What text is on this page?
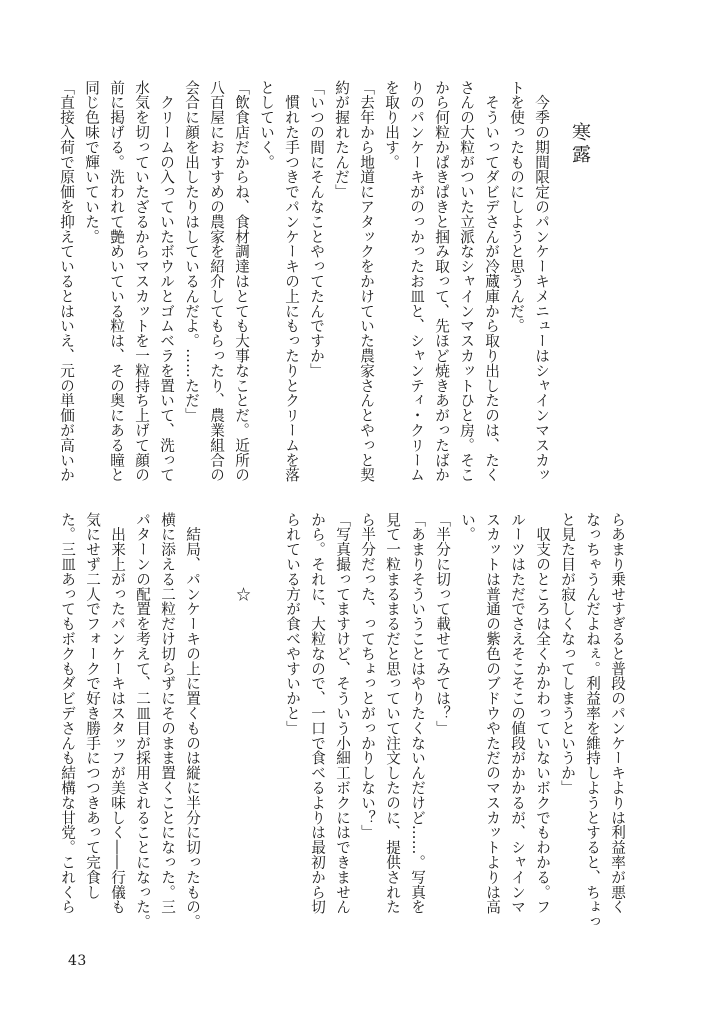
寒露
　今季の期間限定のパンケーキメニューはシャインマスカッ
トを使ったものにしようと思うんだ。
　そういってダビデさんが冷蔵庫から取り出したのは、たく
さんの大粒がついた立派なシャインマスカットひと房。そこ
から何粒かぱきぱきと掴み取って、先ほど焼きあがったばか
りのパンケーキがのっかったお皿と、シャンティ・クリーム
を取り出す。
「去年から地道にアタックをかけていた農家さんとやっと契
約が握れたんだ」
「いつの間にそんなことやってたんですか」
　慣れた手つきでパンケーキの上にもったりとクリームを落
としていく。
「飲食店だからね、食材調達はとても大事なことだ。近所の
八百屋におすすめの農家を紹介してもらったり、農業組合の
会合に顔を出したりはしているんだよ。……ただ」
　クリームの入っていたボウルとゴムベラを置いて、洗って
水気を切っていたざるからマスカットを一粒持ち上げて顔の
前に掲げる。洗われて艶めいている粒は、その奥にある瞳と
同じ色味で輝いていた。
「直接入荷で原価を抑えているとはいえ、元の単価が高いか
らあまり乗せすぎると普段のパンケーキよりは利益率が悪く
なっちゃうんだよねぇ。利益率を維持しようとすると、ちょっ
と見た目が寂しくなってしまうというか」
　収支のところは全くかかわっていないボクでもわかる。フ
ルーツはただでさえそこそこの値段がかかるが、シャインマ
スカットは普通の紫色のブドウやただのマスカットよりは高
い。
「半分に切って載せてみては？」
「あまりそういうことはやりたくないんだけど……。写真を
見て一粒まるまるだと思っていて注文したのに、提供された
ら半分だった、ってちょっとがっかりしない？」
「写真撮ってますけど、そういう小細工ボクにはできません
から。それに、大粒なので、一口で食べるよりは最初から切
られている方が食べやすいかと」

　　　　　☆

　結局、パンケーキの上に置くものは縦に半分に切ったもの。
横に添える二粒だけ切らずにそのまま置くことになった。三
パターンの配置を考えて、二皿目が採用されることになった。
　出来上がったパンケーキはスタッフが美味しく――行儀も
気にせず二人でフォークで好き勝手につつきあって完食し
た。三皿あってもボクもダビデさんも結構な甘党。これくら
43
